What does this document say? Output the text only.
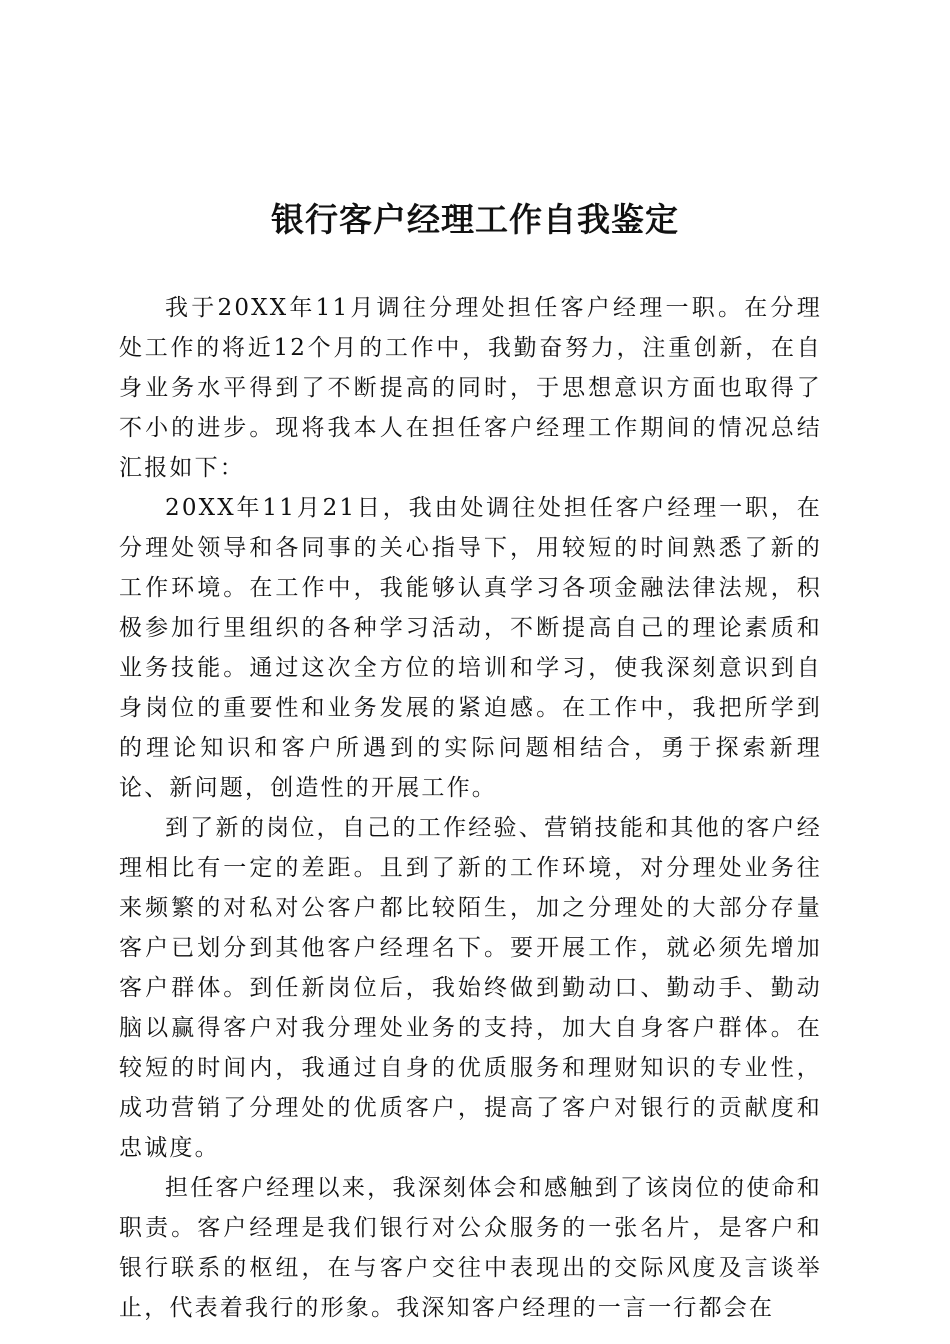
银行客户经理工作自我鉴定

我于20XX年11月调往分理处担任客户经理一职。在分理处工作的将近12个月的工作中，我勤奋努力，注重创新，在自身业务水平得到了不断提高的同时，于思想意识方面也取得了不小的进步。现将我本人在担任客户经理工作期间的情况总结汇报如下：

20XX年11月21日，我由处调往处担任客户经理一职，在分理处领导和各同事的关心指导下，用较短的时间熟悉了新的工作环境。在工作中，我能够认真学习各项金融法律法规，积极参加行里组织的各种学习活动，不断提高自己的理论素质和业务技能。通过这次全方位的培训和学习，使我深刻意识到自身岗位的重要性和业务发展的紧迫感。在工作中，我把所学到的理论知识和客户所遇到的实际问题相结合，勇于探索新理论、新问题，创造性的开展工作。

到了新的岗位，自己的工作经验、营销技能和其他的客户经理相比有一定的差距。且到了新的工作环境，对分理处业务往来频繁的对私对公客户都比较陌生，加之分理处的大部分存量客户已划分到其他客户经理名下。要开展工作，就必须先增加客户群体。到任新岗位后，我始终做到勤动口、勤动手、勤动脑以赢得客户对我分理处业务的支持，加大自身客户群体。在较短的时间内，我通过自身的优质服务和理财知识的专业性，成功营销了分理处的优质客户，提高了客户对银行的贡献度和忠诚度。

担任客户经理以来，我深刻体会和感触到了该岗位的使命和职责。客户经理是我们银行对公众服务的一张名片，是客户和银行联系的枢纽，在与客户交往中表现出的交际风度及言谈举止，代表着我行的形象。我深知客户经理的一言一行都会在
